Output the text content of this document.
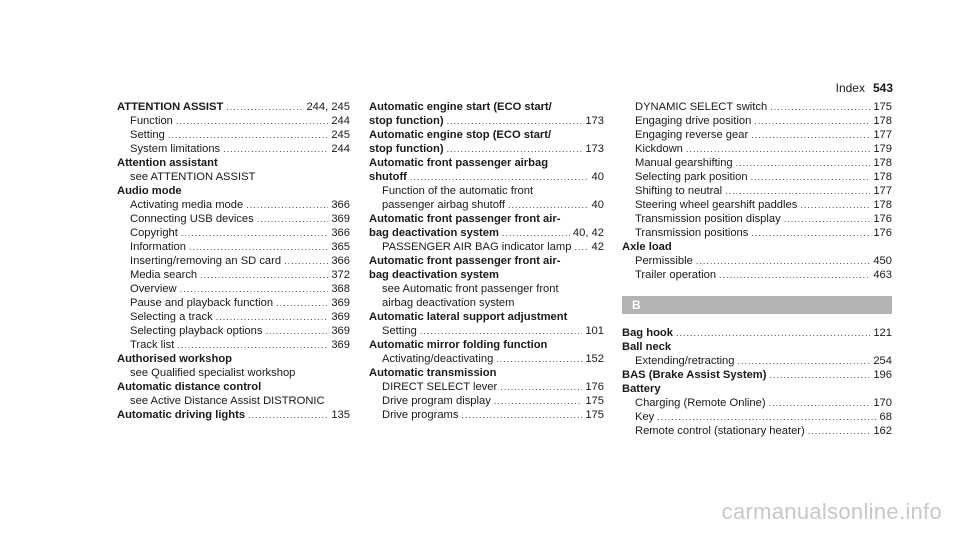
Index 543
ATTENTION ASSIST .....	244, 245
Function .....	244
Setting .....	245
System limitations .....	244
Attention assistant
see ATTENTION ASSIST
Audio mode
Activating media mode .....	366
Connecting USB devices .....	369
Copyright .....	366
Information .....	365
Inserting/removing an SD card .....	366
Media search .....	372
Overview .....	368
Pause and playback function .....	369
Selecting a track .....	369
Selecting playback options .....	369
Track list .....	369
Authorised workshop
see Qualified specialist workshop
Automatic distance control
see Active Distance Assist DISTRONIC
Automatic driving lights .....	135
Automatic engine start (ECO start/
stop function) .....	173
Automatic engine stop (ECO start/
stop function) .....	173
Automatic front passenger airbag
shutoff .....	40
Function of the automatic front
passenger airbag shutoff .....	40
Automatic front passenger front air-
bag deactivation system .....	40, 42
PASSENGER AIR BAG indicator lamp ..... 42
Automatic front passenger front air-
bag deactivation system
see Automatic front passenger front
airbag deactivation system
Automatic lateral support adjustment
Setting .....	101
Automatic mirror folding function
Activating/deactivating .....	152
Automatic transmission
DIRECT SELECT lever .....	176
Drive program display .....	175
Drive programs .....	175
DYNAMIC SELECT switch .....	175
Engaging drive position .....	178
Engaging reverse gear .....	177
Kickdown .....	179
Manual gearshifting .....	178
Selecting park position .....	178
Shifting to neutral .....	177
Steering wheel gearshift paddles .....	178
Transmission position display .....	176
Transmission positions .....	176
Axle load
Permissible .....	450
Trailer operation .....	463
B
Bag hook .....	121
Ball neck
Extending/retracting .....	254
BAS (Brake Assist System) .....	196
Battery
Charging (Remote Online) .....	170
Key .....	68
Remote control (stationary heater) .....	162
carmanualsonline.info
